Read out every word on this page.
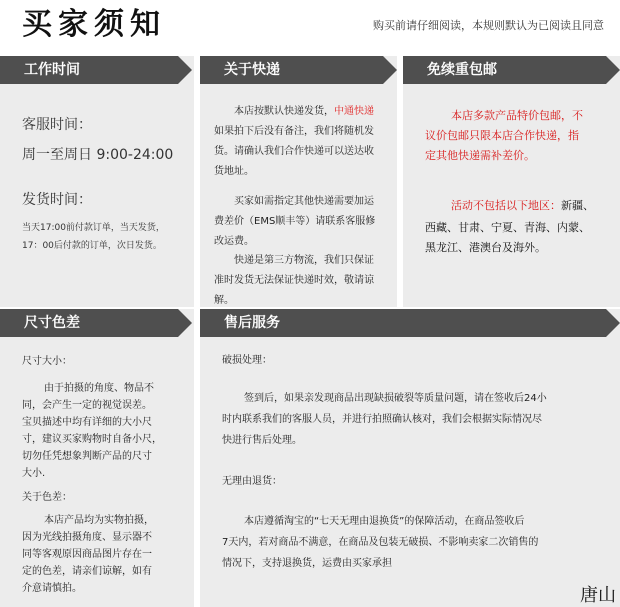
买家须知	购买前请仔细阅读，本规则默认为已阅读且同意
工作时间
客服时间：
周一至周日 9:00-24:00
发货时间：
当天17:00前付款订单，当天发货，
17：00后付款的订单，次日发货。
关于快递
本店按默认快递发货，中通快递
如果拍下后没有备注，我们将随机发
货。请确认我们合作快递可以送达收
货地址。
买家如需指定其他快递需要加运
费差价（EMS顺丰等）请联系客服修
改运费。
快递是第三方物流，我们只保证
准时发货无法保证快递时效，敬请谅
解。
免续重包邮
本店多款产品特价包邮，不
议价包邮只限本店合作快递，指
定其他快递需补差价。
活动不包括以下地区：新疆、
西藏、甘肃、宁夏、青海、内蒙、
黑龙江、港澳台及海外。
尺寸色差
尺寸大小：
由于拍摄的角度、物品不
同，会产生一定的视觉误差。
宝贝描述中均有详细的大小尺
寸，建议买家购物时自备小尺，
切勿任凭想象判断产品的尺寸
大小.
关于色差：
本店产品均为实物拍摄，
因为光线拍摄角度、显示器不
同等客观原因商品图片存在一
定的色差，请亲们谅解，如有
介意请慎拍。
售后服务
破损处理：
签到后，如果亲发现商品出现缺损破裂等质量问题，请在签收后24小
时内联系我们的客服人员，并进行拍照确认核对，我们会根据实际情况尽
快进行售后处理。
无理由退货：
本店遵循淘宝的“七天无理由退换货”的保障活动，在商品签收后
7天内，若对商品不满意，在商品及包装无破损、不影响卖家二次销售的
情况下，支持退换货，运费由买家承担
唐山
